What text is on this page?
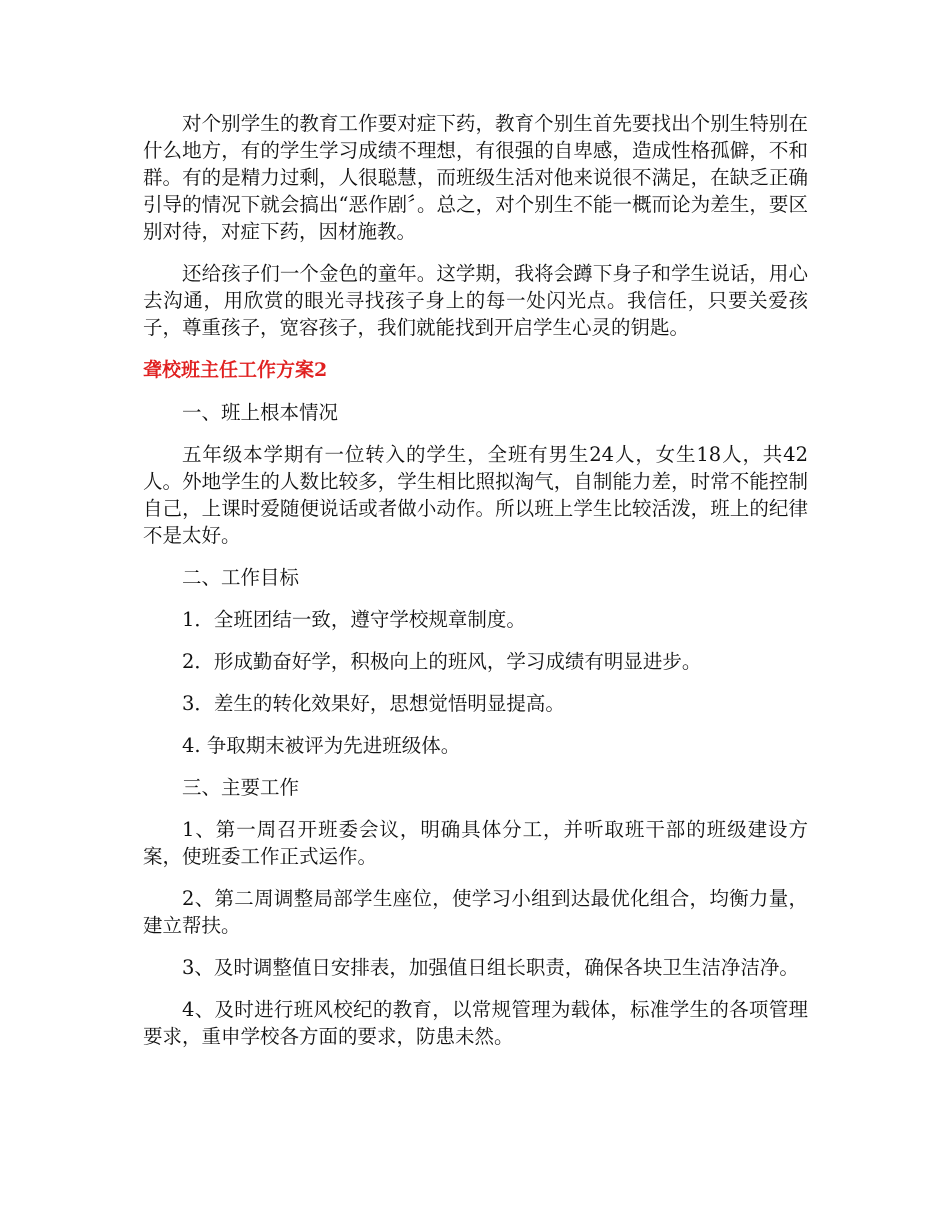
对个别学生的教育工作要对症下药，教育个别生首先要找出个别生特别在什么地方，有的学生学习成绩不理想，有很强的自卑感，造成性格孤僻，不和群。有的是精力过剩，人很聪慧，而班级生活对他来说很不满足，在缺乏正确引导的情况下就会搞出“恶作剧〞。总之，对个别生不能一概而论为差生，要区别对待，对症下药，因材施教。

还给孩子们一个金色的童年。这学期，我将会蹲下身子和学生说话，用心去沟通，用欣赏的眼光寻找孩子身上的每一处闪光点。我信任，只要关爱孩子，尊重孩子，宽容孩子，我们就能找到开启学生心灵的钥匙。

聋校班主任工作方案2

一、班上根本情况

五年级本学期有一位转入的学生，全班有男生24人，女生18人，共42人。外地学生的人数比较多，学生相比照拟淘气，自制能力差，时常不能控制自己，上课时爱随便说话或者做小动作。所以班上学生比较活泼，班上的纪律不是太好。

二、工作目标

1．全班团结一致，遵守学校规章制度。

2．形成勤奋好学，积极向上的班风，学习成绩有明显进步。

3．差生的转化效果好，思想觉悟明显提高。

4. 争取期末被评为先进班级体。

三、主要工作

1、第一周召开班委会议，明确具体分工，并听取班干部的班级建设方案，使班委工作正式运作。

2、第二周调整局部学生座位，使学习小组到达最优化组合，均衡力量，建立帮扶。

3、及时调整值日安排表，加强值日组长职责，确保各块卫生洁净洁净。

4、及时进行班风校纪的教育，以常规管理为载体，标准学生的各项管理要求，重申学校各方面的要求，防患未然。
